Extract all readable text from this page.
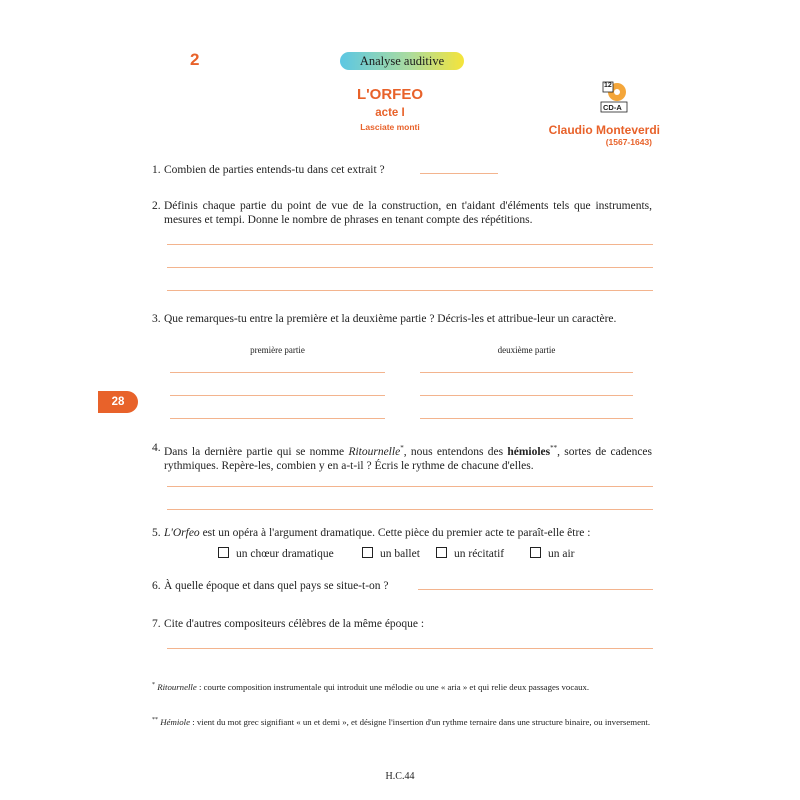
2	Analyse auditive
L'ORFEO
acte I
Lasciate monti
12
CD-A
Claudio Monteverdi
(1567-1643)
28
1. Combien de parties entends-tu dans cet extrait ?
2. Définis chaque partie du point de vue de la construction, en t'aidant d'éléments tels que instruments, mesures et tempi. Donne le nombre de phrases en tenant compte des répétitions.
3. Que remarques-tu entre la première et la deuxième partie ? Décris-les et attribue-leur un caractère.
première partie	deuxième partie
4. Dans la dernière partie qui se nomme Ritournelle*, nous entendons des hémioles**, sortes de cadences rythmiques. Repère-les, combien y en a-t-il ? Écris le rythme de chacune d'elles.
5. L'Orfeo est un opéra à l'argument dramatique. Cette pièce du premier acte te paraît-elle être :
un chœur dramatique	un ballet	un récitatif	un air
6. À quelle époque et dans quel pays se situe-t-on ?
7. Cite d'autres compositeurs célèbres de la même époque :
* Ritournelle : courte composition instrumentale qui introduit une mélodie ou une « aria » et qui relie deux passages vocaux.
** Hémiole : vient du mot grec signifiant « un et demi », et désigne l'insertion d'un rythme ternaire dans une structure binaire, ou inversement.
H.C.44
